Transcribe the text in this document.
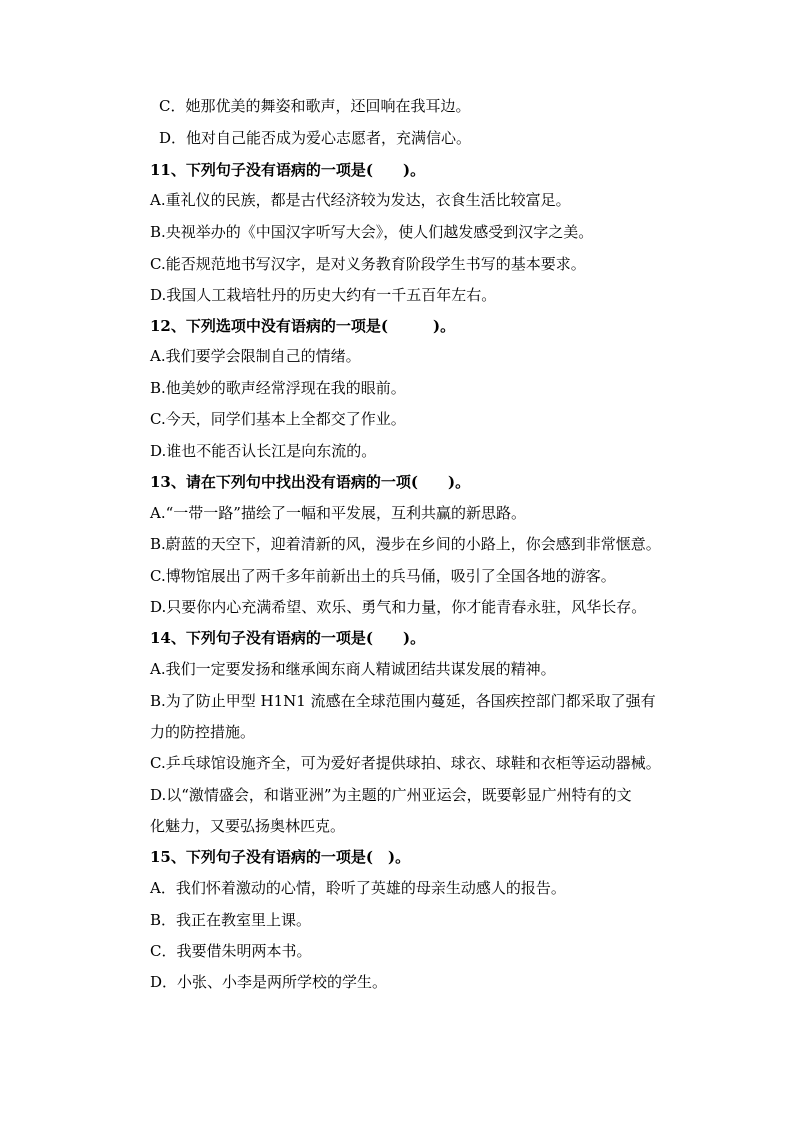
C．她那优美的舞姿和歌声，还回响在我耳边。
D．他对自己能否成为爱心志愿者，充满信心。
11、下列句子没有语病的一项是(　　)。
A.重礼仪的民族，都是古代经济较为发达，衣食生活比较富足。
B.央视举办的《中国汉字听写大会》，使人们越发感受到汉字之美。
C.能否规范地书写汉字，是对义务教育阶段学生书写的基本要求。
D.我国人工栽培牡丹的历史大约有一千五百年左右。
12、下列选项中没有语病的一项是(　　　)。
A.我们要学会限制自己的情绪。
B.他美妙的歌声经常浮现在我的眼前。
C.今天，同学们基本上全都交了作业。
D.谁也不能否认长江是向东流的。
13、请在下列句中找出没有语病的一项(　　)。
A.“一带一路”描绘了一幅和平发展，互利共赢的新思路。
B.蔚蓝的天空下，迎着清新的风，漫步在乡间的小路上，你会感到非常惬意。
C.博物馆展出了两千多年前新出土的兵马俑，吸引了全国各地的游客。
D.只要你内心充满希望、欢乐、勇气和力量，你才能青春永驻，风华长存。
14、下列句子没有语病的一项是(　　)。
A.我们一定要发扬和继承闽东商人精诚团结共谋发展的精神。
B.为了防止甲型 H1N1 流感在全球范围内蔓延，各国疾控部门都采取了强有
力的防控措施。
C.乒乓球馆设施齐全，可为爱好者提供球拍、球衣、球鞋和衣柜等运动器械。
D.以“激情盛会，和谐亚洲”为主题的广州亚运会，既要彰显广州特有的文
化魅力，又要弘扬奥林匹克。
15、下列句子没有语病的一项是(　)。
A．我们怀着激动的心情，聆听了英雄的母亲生动感人的报告。
B．我正在教室里上课。
C．我要借朱明两本书。
D．小张、小李是两所学校的学生。
